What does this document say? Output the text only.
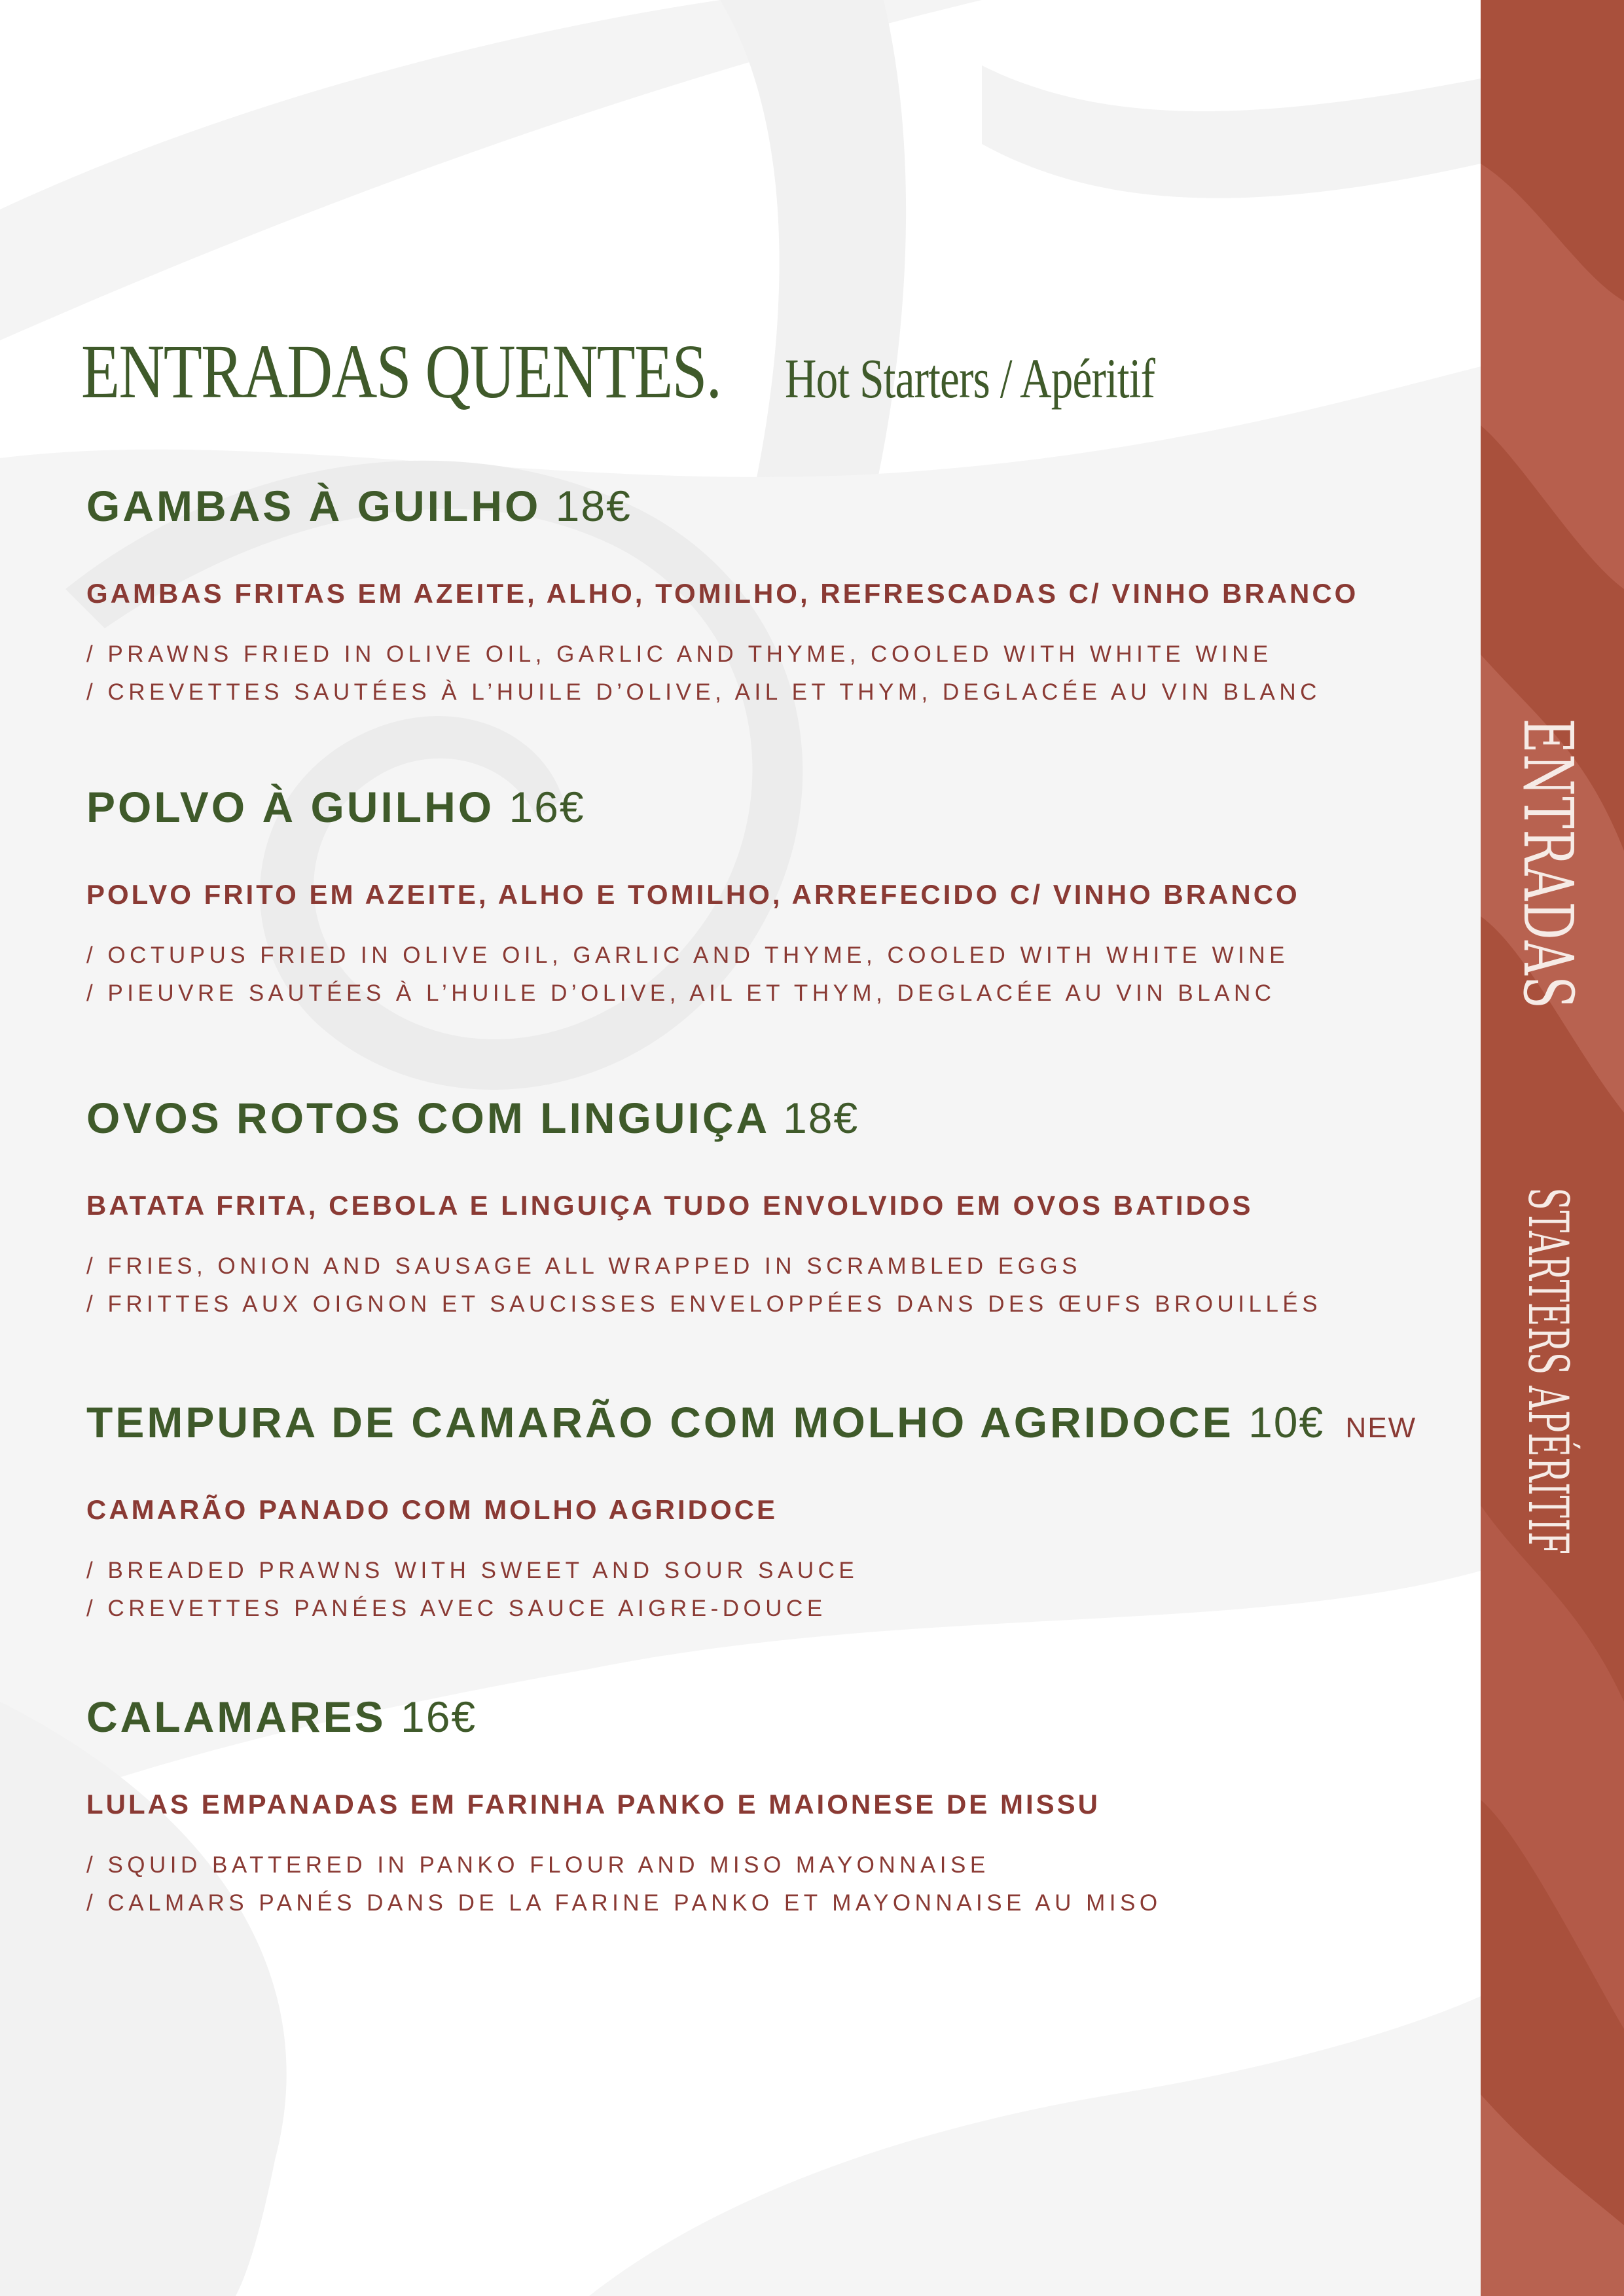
ENTRADAS
STARTERS APÉRITIF
ENTRADAS QUENTES. Hot Starters / Apéritif
GAMBAS À GUILHO 18€
GAMBAS FRITAS EM AZEITE, ALHO, TOMILHO, REFRESCADAS C/ VINHO BRANCO
/ PRAWNS FRIED IN OLIVE OIL, GARLIC AND THYME, COOLED WITH WHITE WINE
/ CREVETTES SAUTÉES À L’HUILE D’OLIVE, AIL ET THYM, DEGLACÉE AU VIN BLANC
POLVO À GUILHO 16€
POLVO FRITO EM AZEITE, ALHO E TOMILHO, ARREFECIDO C/ VINHO BRANCO
/ OCTUPUS FRIED IN OLIVE OIL, GARLIC AND THYME, COOLED WITH WHITE WINE
/ PIEUVRE SAUTÉES À L’HUILE D’OLIVE, AIL ET THYM, DEGLACÉE AU VIN BLANC
OVOS ROTOS COM LINGUIÇA 18€
BATATA FRITA, CEBOLA E LINGUIÇA TUDO ENVOLVIDO EM OVOS BATIDOS
/ FRIES, ONION AND SAUSAGE ALL WRAPPED IN SCRAMBLED EGGS
/ FRITTES AUX OIGNON ET SAUCISSES ENVELOPPÉES DANS DES ŒUFS BROUILLÉS
TEMPURA DE CAMARÃO COM MOLHO AGRIDOCE 10€ NEW
CAMARÃO PANADO COM MOLHO AGRIDOCE
/ BREADED PRAWNS WITH SWEET AND SOUR SAUCE
/ CREVETTES PANÉES AVEC SAUCE AIGRE-DOUCE
CALAMARES 16€
LULAS EMPANADAS EM FARINHA PANKO E MAIONESE DE MISSU
/ SQUID BATTERED IN PANKO FLOUR AND MISO MAYONNAISE
/ CALMARS PANÉS DANS DE LA FARINE PANKO ET MAYONNAISE AU MISO
